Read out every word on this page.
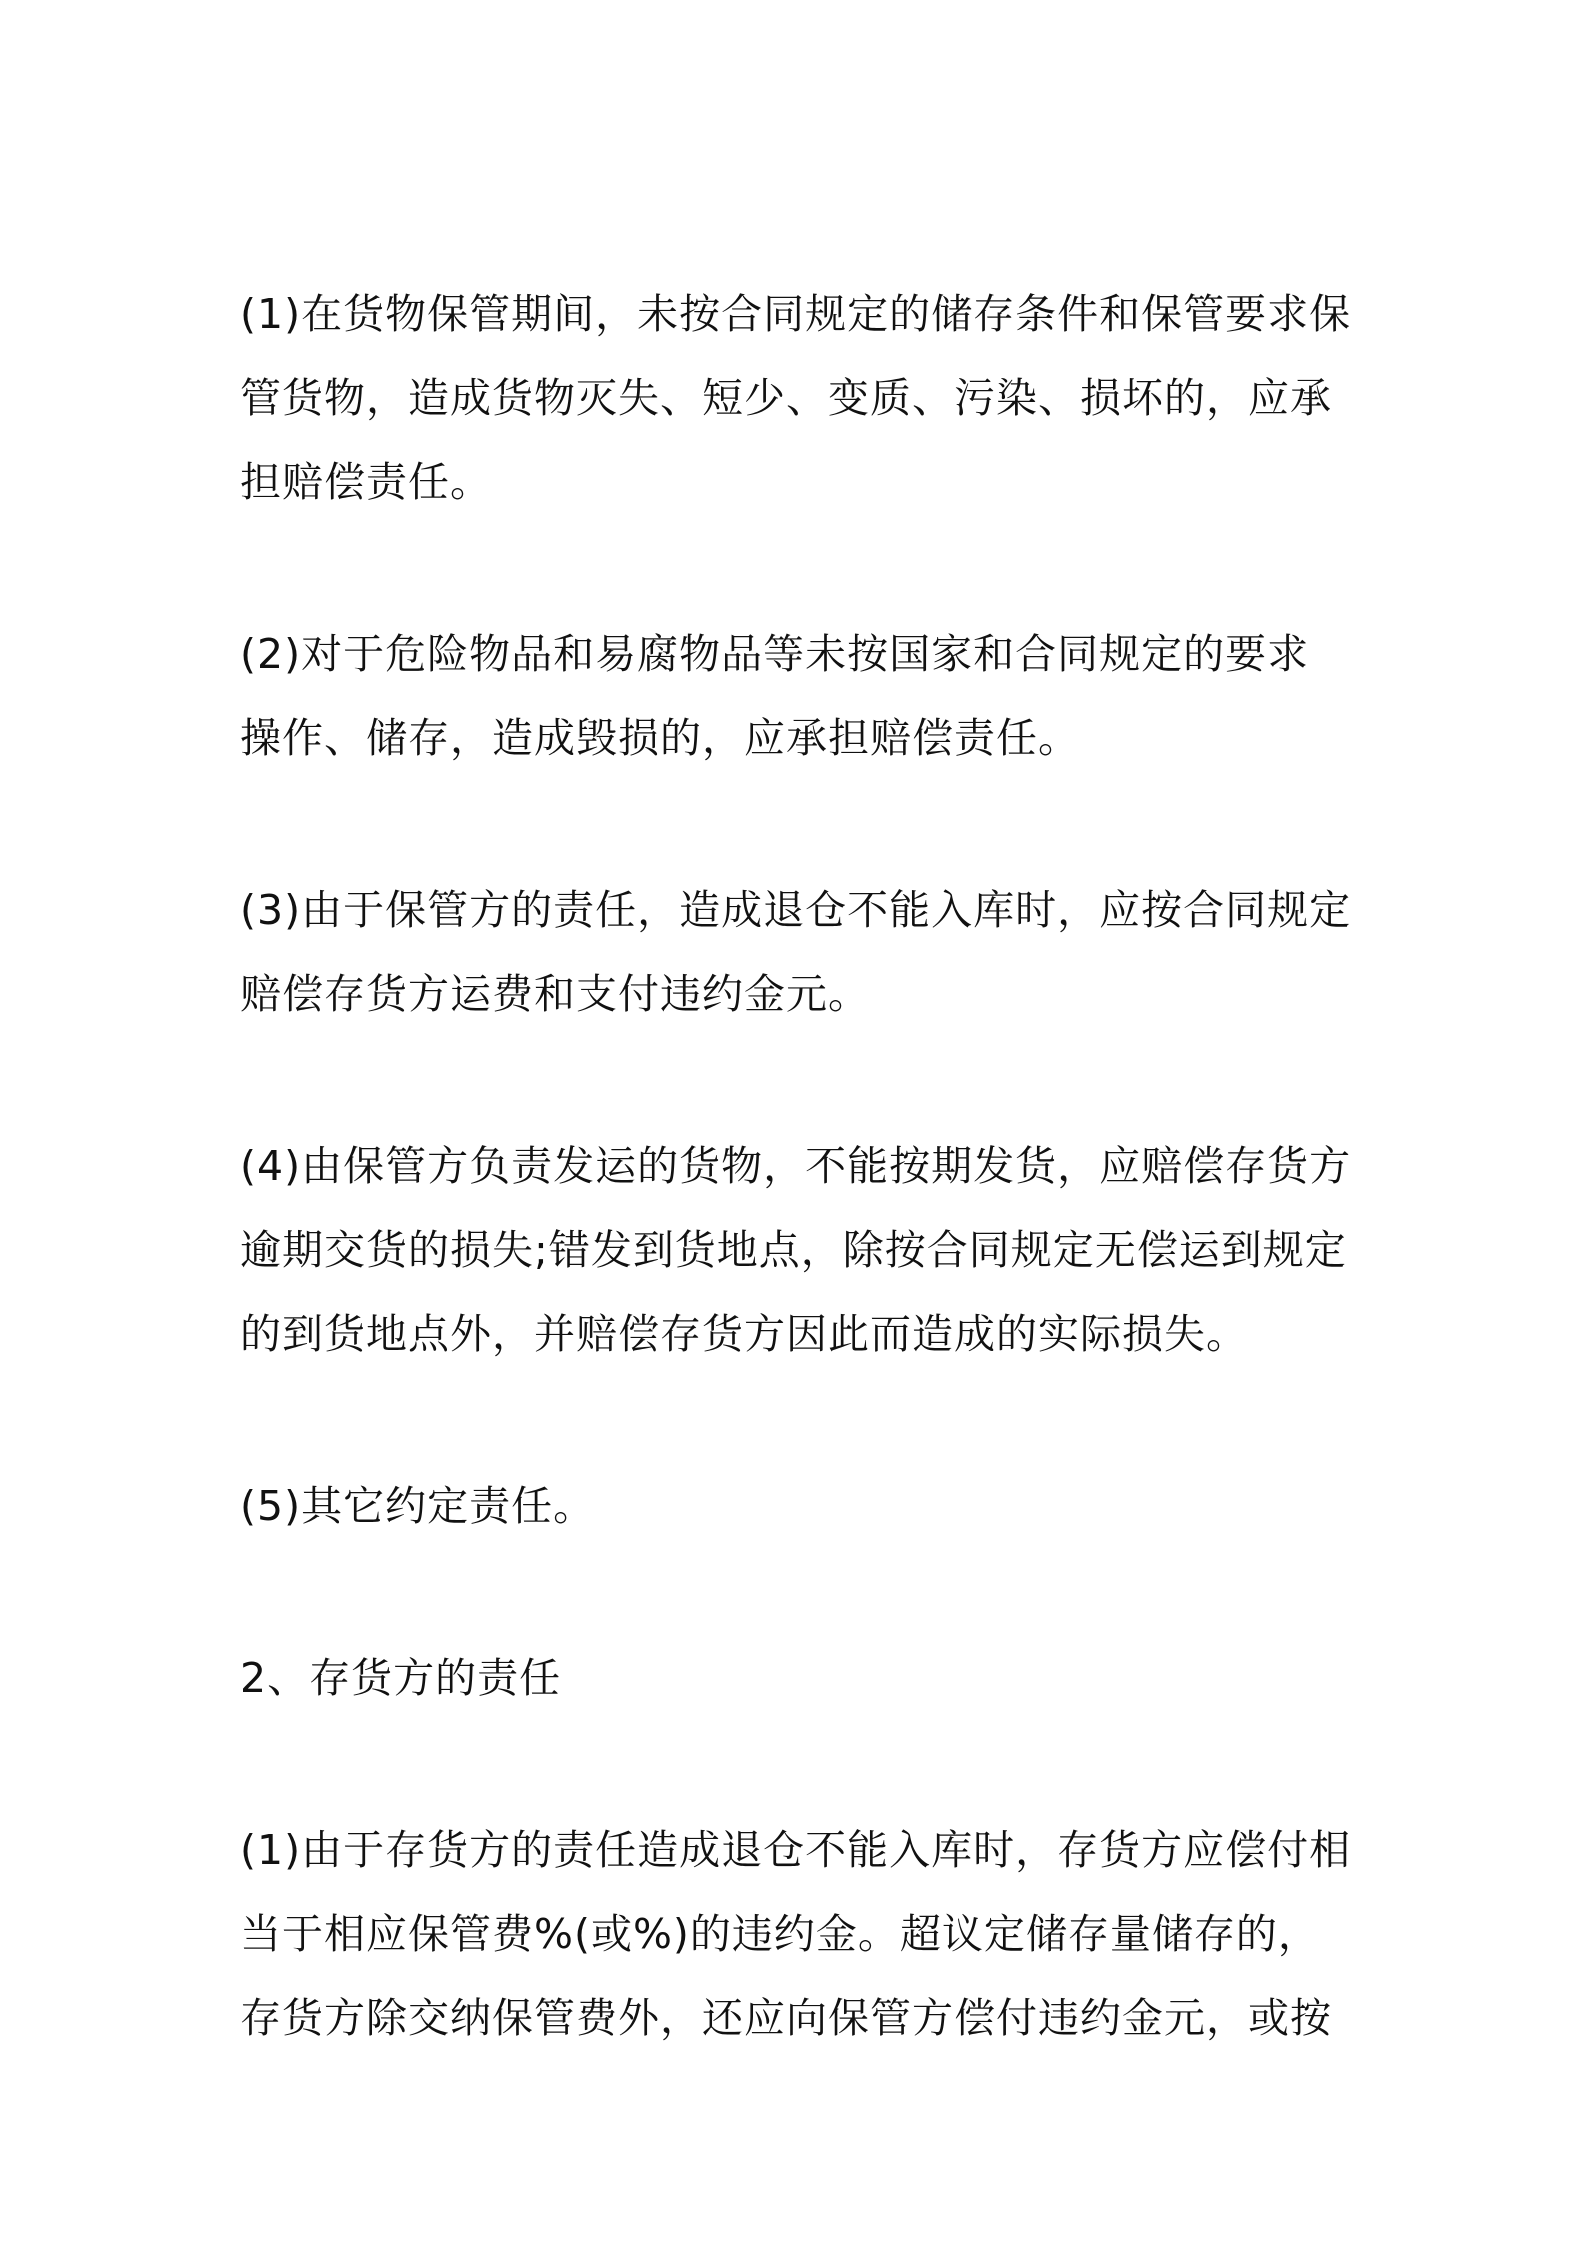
(1)在货物保管期间，未按合同规定的储存条件和保管要求保
管货物，造成货物灭失、短少、变质、污染、损坏的，应承
担赔偿责任。

(2)对于危险物品和易腐物品等未按国家和合同规定的要求
操作、储存，造成毁损的，应承担赔偿责任。

(3)由于保管方的责任，造成退仓不能入库时，应按合同规定
赔偿存货方运费和支付违约金元。

(4)由保管方负责发运的货物，不能按期发货，应赔偿存货方
逾期交货的损失;错发到货地点，除按合同规定无偿运到规定
的到货地点外，并赔偿存货方因此而造成的实际损失。

(5)其它约定责任。

2、存货方的责任

(1)由于存货方的责任造成退仓不能入库时，存货方应偿付相
当于相应保管费%(或%)的违约金。超议定储存量储存的，
存货方除交纳保管费外，还应向保管方偿付违约金元，或按
